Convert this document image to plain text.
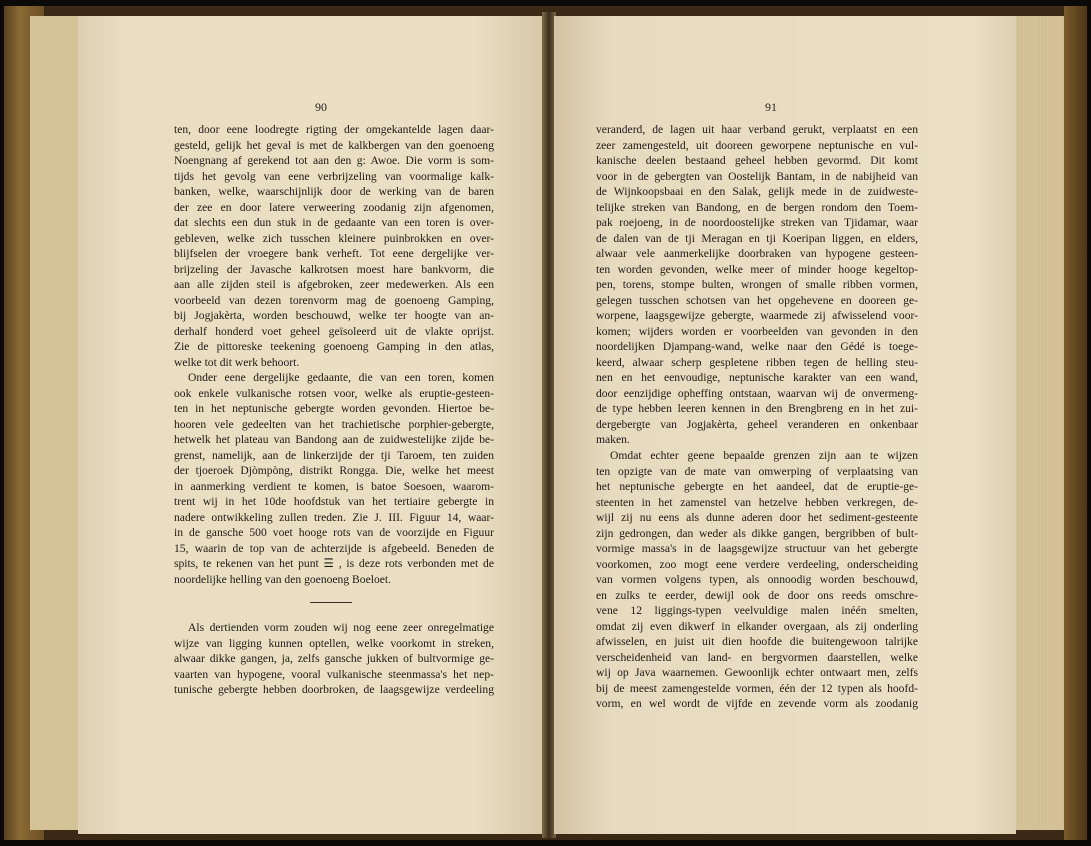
90
ten, door eene loodregte rigting der omgekantelde lagen daar-
gesteld, gelijk het geval is met de kalkbergen van den goenoeng
Noengnang af gerekend tot aan den g: Awoe. Die vorm is som-
tijds het gevolg van eene verbrijzeling van voormalige kalk-
banken, welke, waarschijnlijk door de werking van de baren
der zee en door latere verweering zoodanig zijn afgenomen,
dat slechts een dun stuk in de gedaante van een toren is over-
gebleven, welke zich tusschen kleinere puinbrokken en over-
blijfselen der vroegere bank verheft. Tot eene dergelijke ver-
brijzeling der Javasche kalkrotsen moest hare bankvorm, die
aan alle zijden steil is afgebroken, zeer medewerken. Als een
voorbeeld van dezen torenvorm mag de goenoeng Gamping,
bij Jogjakèrta, worden beschouwd, welke ter hoogte van an-
derhalf honderd voet geheel geïsoleerd uit de vlakte oprijst.
Zie de pittoreske teekening goenoeng Gamping in den atlas,
welke tot dit werk behoort.
Onder eene dergelijke gedaante, die van een toren, komen
ook enkele vulkanische rotsen voor, welke als eruptie-gesteen-
ten in het neptunische gebergte worden gevonden. Hiertoe be-
hooren vele gedeelten van het trachietische porphier-gebergte,
hetwelk het plateau van Bandong aan de zuidwestelijke zijde be-
grenst, namelijk, aan de linkerzijde der tji Taroem, ten zuiden
der tjoeroek Djòmpòng, distrikt Rongga. Die, welke het meest
in aanmerking verdient te komen, is batoe Soesoen, waarom-
trent wij in het 10de hoofdstuk van het tertiaire gebergte in
nadere ontwikkeling zullen treden. Zie J. III. Figuur 14, waar-
in de gansche 500 voet hooge rots van de voorzijde en Figuur
15, waarin de top van de achterzijde is afgebeeld. Beneden de
spits, te rekenen van het punt ☰ , is deze rots verbonden met de
noordelijke helling van den goenoeng Boeloet.
Als dertienden vorm zouden wij nog eene zeer onregelmatige
wijze van ligging kunnen optellen, welke voorkomt in streken,
alwaar dikke gangen, ja, zelfs gansche jukken of bultvormige ge-
vaarten van hypogene, vooral vulkanische steenmassa's het nep-
tunische gebergte hebben doorbroken, de laagsgewijze verdeeling
91
veranderd, de lagen uit haar verband gerukt, verplaatst en een
zeer zamengesteld, uit dooreen geworpene neptunische en vul-
kanische deelen bestaand geheel hebben gevormd. Dit komt
voor in de gebergten van Oostelijk Bantam, in de nabijheid van
de Wijnkoopsbaai en den Salak, gelijk mede in de zuidweste-
telijke streken van Bandong, en de bergen rondom den Toem-
pak roejoeng, in de noordoostelijke streken van Tjidamar, waar
de dalen van de tji Meragan en tji Koeripan liggen, en elders,
alwaar vele aanmerkelijke doorbraken van hypogene gesteen-
ten worden gevonden, welke meer of minder hooge kegeltop-
pen, torens, stompe bulten, wrongen of smalle ribben vormen,
gelegen tusschen schotsen van het opgehevene en dooreen ge-
worpene, laagsgewijze gebergte, waarmede zij afwisselend voor-
komen; wijders worden er voorbeelden van gevonden in den
noordelijken Djampang-wand, welke naar den Gédé is toege-
keerd, alwaar scherp gespletene ribben tegen de helling steu-
nen en het eenvoudige, neptunische karakter van een wand,
door eenzijdige opheffing ontstaan, waarvan wij de onvermeng-
de type hebben leeren kennen in den Brengbreng en in het zui-
dergebergte van Jogjakèrta, geheel veranderen en onkenbaar
maken.
Omdat echter geene bepaalde grenzen zijn aan te wijzen
ten opzigte van de mate van omwerping of verplaatsing van
het neptunische gebergte en het aandeel, dat de eruptie-ge-
steenten in het zamenstel van hetzelve hebben verkregen, de-
wijl zij nu eens als dunne aderen door het sediment-gesteente
zijn gedrongen, dan weder als dikke gangen, bergribben of bult-
vormige massa's in de laagsgewijze structuur van het gebergte
voorkomen, zoo mogt eene verdere verdeeling, onderscheiding
van vormen volgens typen, als onnoodig worden beschouwd,
en zulks te eerder, dewijl ook de door ons reeds omschre-
vene 12 liggings-typen veelvuldige malen inéén smelten,
omdat zij even dikwerf in elkander overgaan, als zij onderling
afwisselen, en juist uit dien hoofde die buitengewoon talrijke
verscheidenheid van land- en bergvormen daarstellen, welke
wij op Java waarnemen. Gewoonlijk echter ontwaart men, zelfs
bij de meest zamengestelde vormen, één der 12 typen als hoofd-
vorm, en wel wordt de vijfde en zevende vorm als zoodanig
